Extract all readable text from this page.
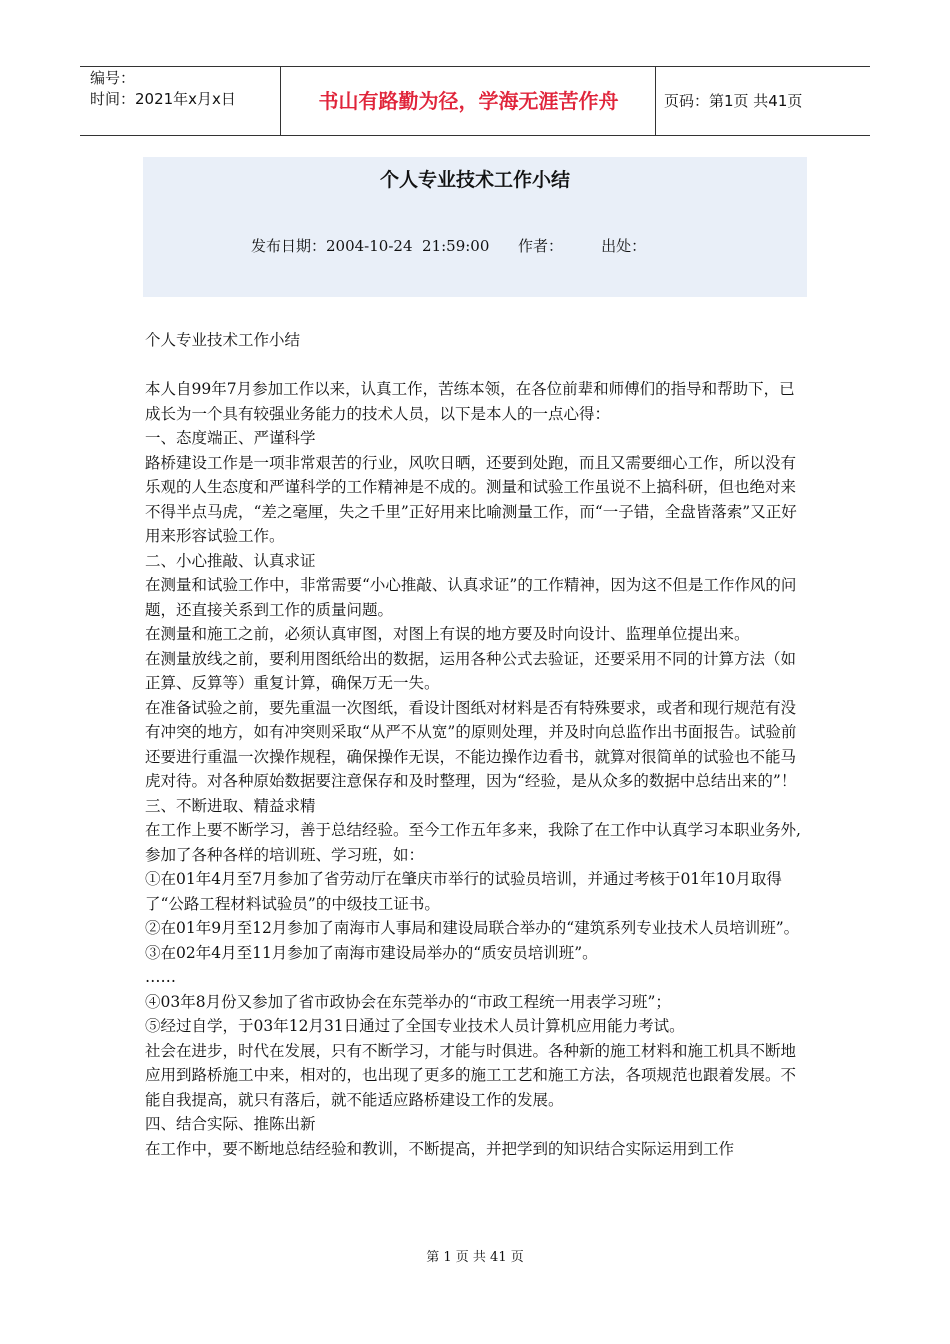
编号：
时间：2021年x月x日	书山有路勤为径，学海无涯苦作舟	页码：第1页 共41页
个人专业技术工作小结
发布日期：2004-10-24  21:59:00      作者：        出处：

个人专业技术工作小结

本人自99年7月参加工作以来，认真工作，苦练本领，在各位前辈和师傅们的指导和帮助下，已成长为一个具有较强业务能力的技术人员，以下是本人的一点心得：

一、态度端正、严谨科学

路桥建设工作是一项非常艰苦的行业，风吹日晒，还要到处跑，而且又需要细心工作，所以没有乐观的人生态度和严谨科学的工作精神是不成的。测量和试验工作虽说不上搞科研，但也绝对来不得半点马虎，“差之毫厘，失之千里”正好用来比喻测量工作，而“一子错，全盘皆落索”又正好用来形容试验工作。

二、小心推敲、认真求证

在测量和试验工作中，非常需要“小心推敲、认真求证”的工作精神，因为这不但是工作作风的问题，还直接关系到工作的质量问题。

在测量和施工之前，必须认真审图，对图上有误的地方要及时向设计、监理单位提出来。

在测量放线之前，要利用图纸给出的数据，运用各种公式去验证，还要采用不同的计算方法（如正算、反算等）重复计算，确保万无一失。

在准备试验之前，要先重温一次图纸，看设计图纸对材料是否有特殊要求，或者和现行规范有没有冲突的地方，如有冲突则采取“从严不从宽”的原则处理，并及时向总监作出书面报告。试验前还要进行重温一次操作规程，确保操作无误，不能边操作边看书，就算对很简单的试验也不能马虎对待。对各种原始数据要注意保存和及时整理，因为“经验，是从众多的数据中总结出来的”！

三、不断进取、精益求精

在工作上要不断学习，善于总结经验。至今工作五年多来，我除了在工作中认真学习本职业务外,参加了各种各样的培训班、学习班，如：

①在01年4月至7月参加了省劳动厅在肇庆市举行的试验员培训，并通过考核于01年10月取得了“公路工程材料试验员”的中级技工证书。

②在01年9月至12月参加了南海市人事局和建设局联合举办的“建筑系列专业技术人员培训班”。

③在02年4月至11月参加了南海市建设局举办的“质安员培训班”。

……

④03年8月份又参加了省市政协会在东莞举办的“市政工程统一用表学习班”；

⑤经过自学，于03年12月31日通过了全国专业技术人员计算机应用能力考试。

社会在进步，时代在发展，只有不断学习，才能与时俱进。各种新的施工材料和施工机具不断地应用到路桥施工中来，相对的，也出现了更多的施工工艺和施工方法，各项规范也跟着发展。不能自我提高，就只有落后，就不能适应路桥建设工作的发展。

四、结合实际、推陈出新

在工作中，要不断地总结经验和教训，不断提高，并把学到的知识结合实际运用到工作

第 1 页 共 41 页
